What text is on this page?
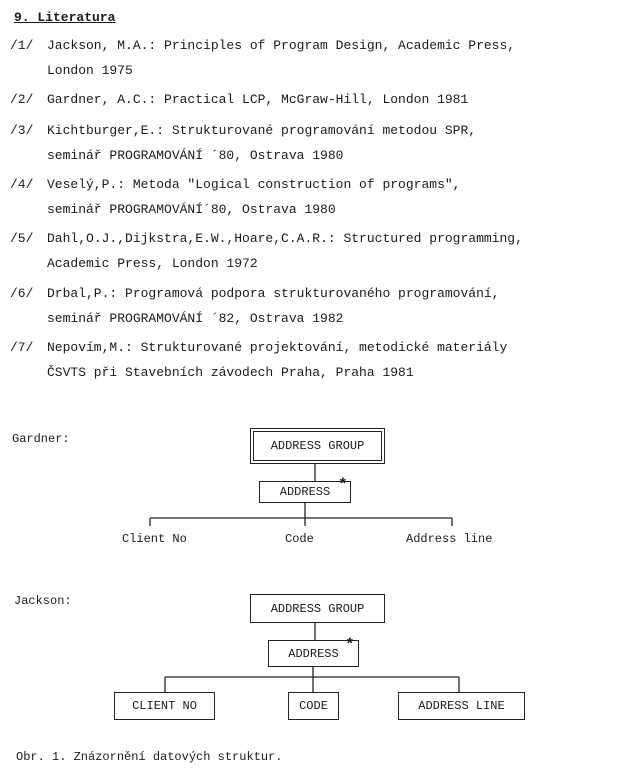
9. Literatura
/1/ Jackson, M.A.: Principles of Program Design, Academic Press,
London 1975
/2/ Gardner, A.C.: Practical LCP, McGraw-Hill, London 1981
/3/ Kichtburger,E.: Strukturované programování metodou SPR,
seminář PROGRAMOVÁNÍ ´80, Ostrava 1980
/4/ Veselý,P.: Metoda "Logical construction of programs",
seminář PROGRAMOVÁNÍ´80, Ostrava 1980
/5/ Dahl,O.J.,Dijkstra,E.W.,Hoare,C.A.R.: Structured programming,
Academic Press, London 1972
/6/ Drbal,P.: Programová podpora strukturovaného programování,
seminář PROGRAMOVÁNÍ ´82, Ostrava 1982
/7/ Nepovím,M.: Strukturované projektování, metodické materiály
ČSVTS při Stavebních závodech Praha, Praha 1981
Gardner:	ADDRESS GROUP
ADDRESS *
Client No	Code	Address line
Jackson:
ADDRESS GROUP
ADDRESS *
CLIENT NO	CODE	ADDRESS LINE
Obr. 1. Znázornění datových struktur.
